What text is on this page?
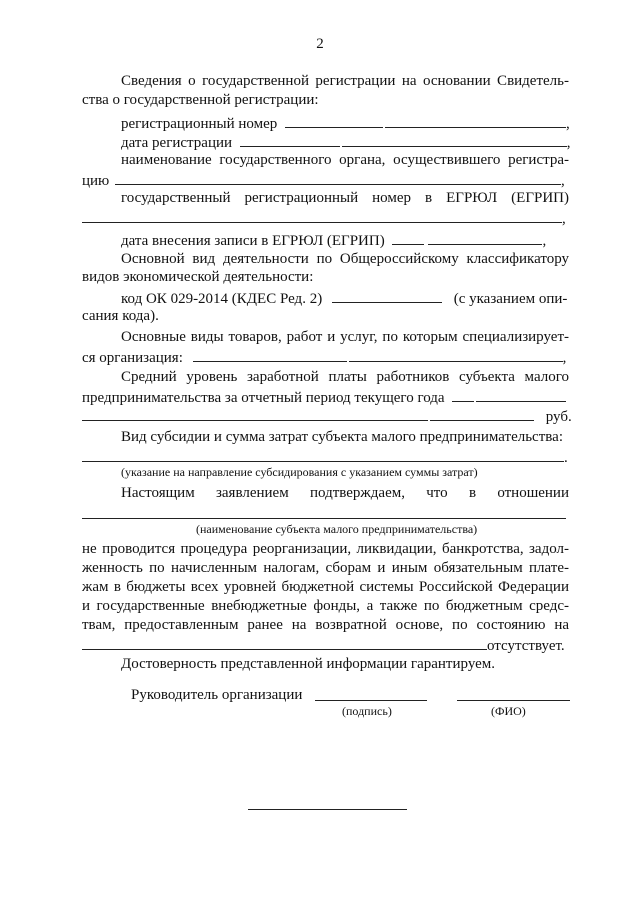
2
Сведения о государственной регистрации на основании Свидетель-
ства о государственной регистрации:
регистрационный номер	,
дата регистрации	,
наименование государственного органа, осуществившего регистра-
цию	,
государственный регистрационный номер в ЕГРЮЛ (ЕГРИП)
,
дата внесения записи в ЕГРЮЛ (ЕГРИП)	,
Основной вид деятельности по Общероссийскому классификатору
видов экономической деятельности:
код ОК 029-2014 (КДЕС Ред. 2)	(с указанием опи-
сания кода).
Основные виды товаров, работ и услуг, по которым специализирует-
ся организация:	,
Средний уровень заработной платы работников субъекта малого
предпринимательства за отчетный период текущего года
руб.
Вид субсидии и сумма затрат субъекта малого предпринимательства:
.
(указание на направление субсидирования с указанием суммы затрат)
Настоящим заявлением подтверждаем, что в отношении
(наименование субъекта малого предпринимательства)
не проводится процедура реорганизации, ликвидации, банкротства, задол-
женность по начисленным налогам, сборам и иным обязательным плате-
жам в бюджеты всех уровней бюджетной системы Российской Федерации
и государственные внебюджетные фонды, а также по бюджетным средс-
твам, предоставленным ранее на возвратной основе, по состоянию на
отсутствует.
Достоверность представленной информации гарантируем.
Руководитель организации
(подпись)	(ФИО)
